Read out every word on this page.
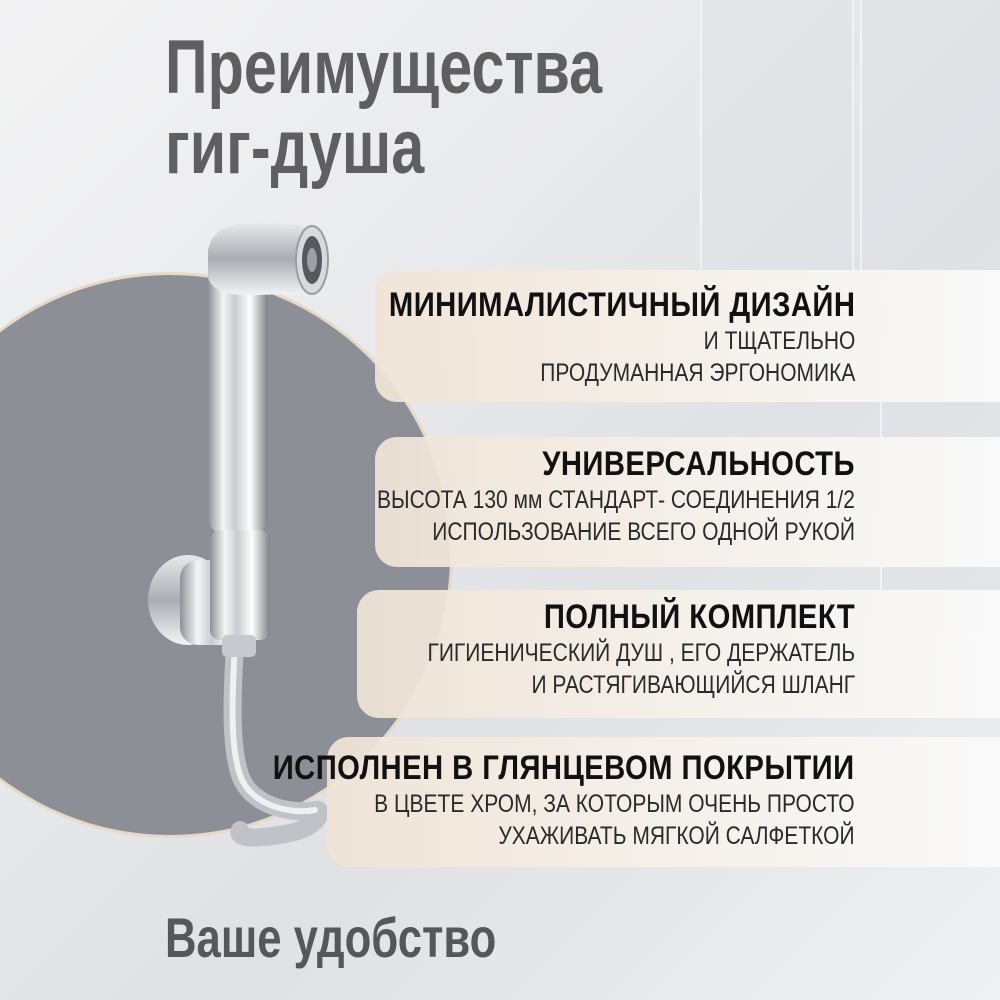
Преимущества
гиг-душа
МИНИМАЛИСТИЧНЫЙ ДИЗАЙН
И ТЩАТЕЛЬНО
ПРОДУМАННАЯ ЭРГОНОМИКА
УНИВЕРСАЛЬНОСТЬ
ВЫСОТА 130 мм СТАНДАРТ- СОЕДИНЕНИЯ 1/2
ИСПОЛЬЗОВАНИЕ ВСЕГО ОДНОЙ РУКОЙ
ПОЛНЫЙ КОМПЛЕКТ
ГИГИЕНИЧЕСКИЙ ДУШ , ЕГО ДЕРЖАТЕЛЬ
И РАСТЯГИВАЮЩИЙСЯ ШЛАНГ
ИСПОЛНЕН В ГЛЯНЦЕВОМ ПОКРЫТИИ
В ЦВЕТЕ ХРОМ, ЗА КОТОРЫМ ОЧЕНЬ ПРОСТО
УХАЖИВАТЬ МЯГКОЙ САЛФЕТКОЙ
Ваше удобство
